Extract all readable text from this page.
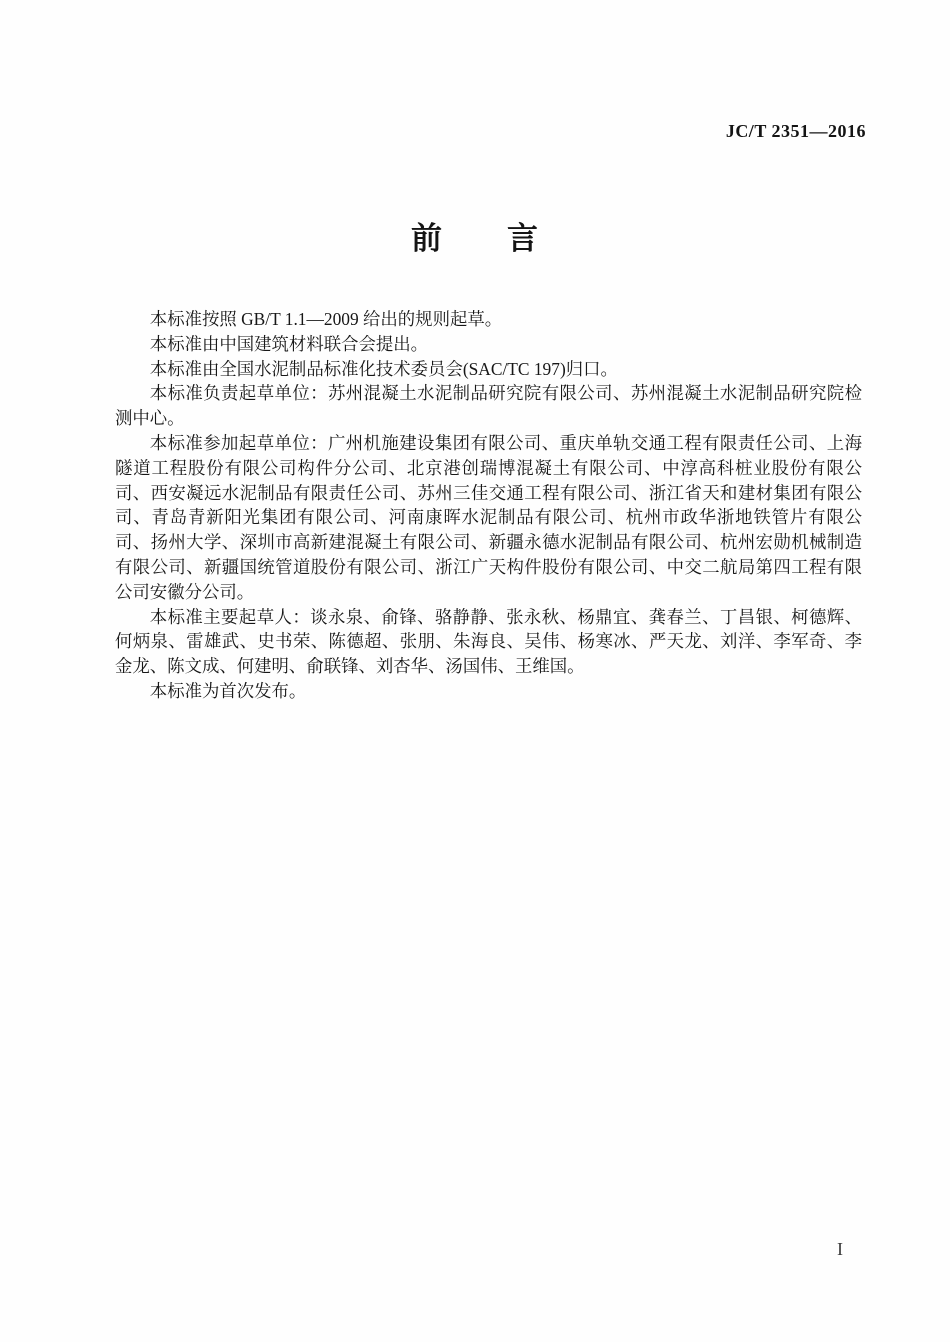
JC/T 2351—2016
前　　言

本标准按照 GB/T 1.1—2009 给出的规则起草。

本标准由中国建筑材料联合会提出。

本标准由全国水泥制品标准化技术委员会(SAC/TC 197)归口。

本标准负责起草单位：苏州混凝土水泥制品研究院有限公司、苏州混凝土水泥制品研究院检测中心。

本标准参加起草单位：广州机施建设集团有限公司、重庆单轨交通工程有限责任公司、上海隧道工程股份有限公司构件分公司、北京港创瑞博混凝土有限公司、中淳高科桩业股份有限公司、西安凝远水泥制品有限责任公司、苏州三佳交通工程有限公司、浙江省天和建材集团有限公司、青岛青新阳光集团有限公司、河南康晖水泥制品有限公司、杭州市政华浙地铁管片有限公司、扬州大学、深圳市高新建混凝土有限公司、新疆永德水泥制品有限公司、杭州宏勋机械制造有限公司、新疆国统管道股份有限公司、浙江广天构件股份有限公司、中交二航局第四工程有限公司安徽分公司。

本标准主要起草人：谈永泉、俞锋、骆静静、张永秋、杨鼎宜、龚春兰、丁昌银、柯德辉、何炳泉、雷雄武、史书荣、陈德超、张朋、朱海良、吴伟、杨寒冰、严天龙、刘洋、李军奇、李金龙、陈文成、何建明、俞联锋、刘杏华、汤国伟、王维国。

本标准为首次发布。

I
